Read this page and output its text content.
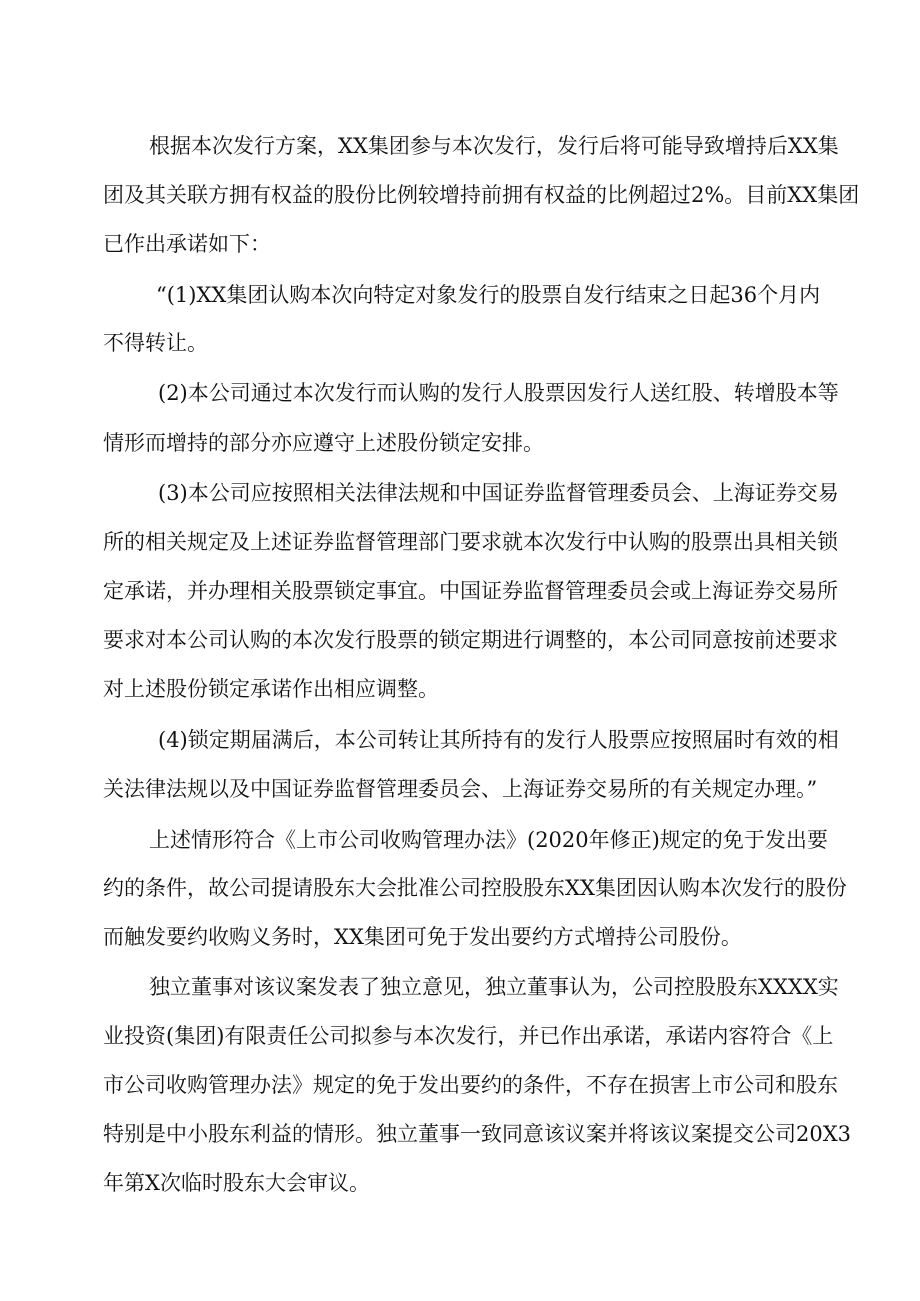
根据本次发行方案，XX集团参与本次发行，发行后将可能导致增持后XX集

团及其关联方拥有权益的股份比例较增持前拥有权益的比例超过2%。目前XX集团

已作出承诺如下：

“(1)XX集团认购本次向特定对象发行的股票自发行结束之日起36个月内

不得转让。

(2)本公司通过本次发行而认购的发行人股票因发行人送红股、转增股本等

情形而增持的部分亦应遵守上述股份锁定安排。

(3)本公司应按照相关法律法规和中国证券监督管理委员会、上海证券交易

所的相关规定及上述证券监督管理部门要求就本次发行中认购的股票出具相关锁

定承诺，并办理相关股票锁定事宜。中国证券监督管理委员会或上海证券交易所

要求对本公司认购的本次发行股票的锁定期进行调整的，本公司同意按前述要求

对上述股份锁定承诺作出相应调整。

(4)锁定期届满后，本公司转让其所持有的发行人股票应按照届时有效的相

关法律法规以及中国证券监督管理委员会、上海证券交易所的有关规定办理。”

上述情形符合《上市公司收购管理办法》(2020年修正)规定的免于发出要

约的条件，故公司提请股东大会批准公司控股股东XX集团因认购本次发行的股份

而触发要约收购义务时，XX集团可免于发出要约方式增持公司股份。

独立董事对该议案发表了独立意见，独立董事认为，公司控股股东XXXX实

业投资(集团)有限责任公司拟参与本次发行，并已作出承诺，承诺内容符合《上

市公司收购管理办法》规定的免于发出要约的条件，不存在损害上市公司和股东

特别是中小股东利益的情形。独立董事一致同意该议案并将该议案提交公司20X3

年第X次临时股东大会审议。
